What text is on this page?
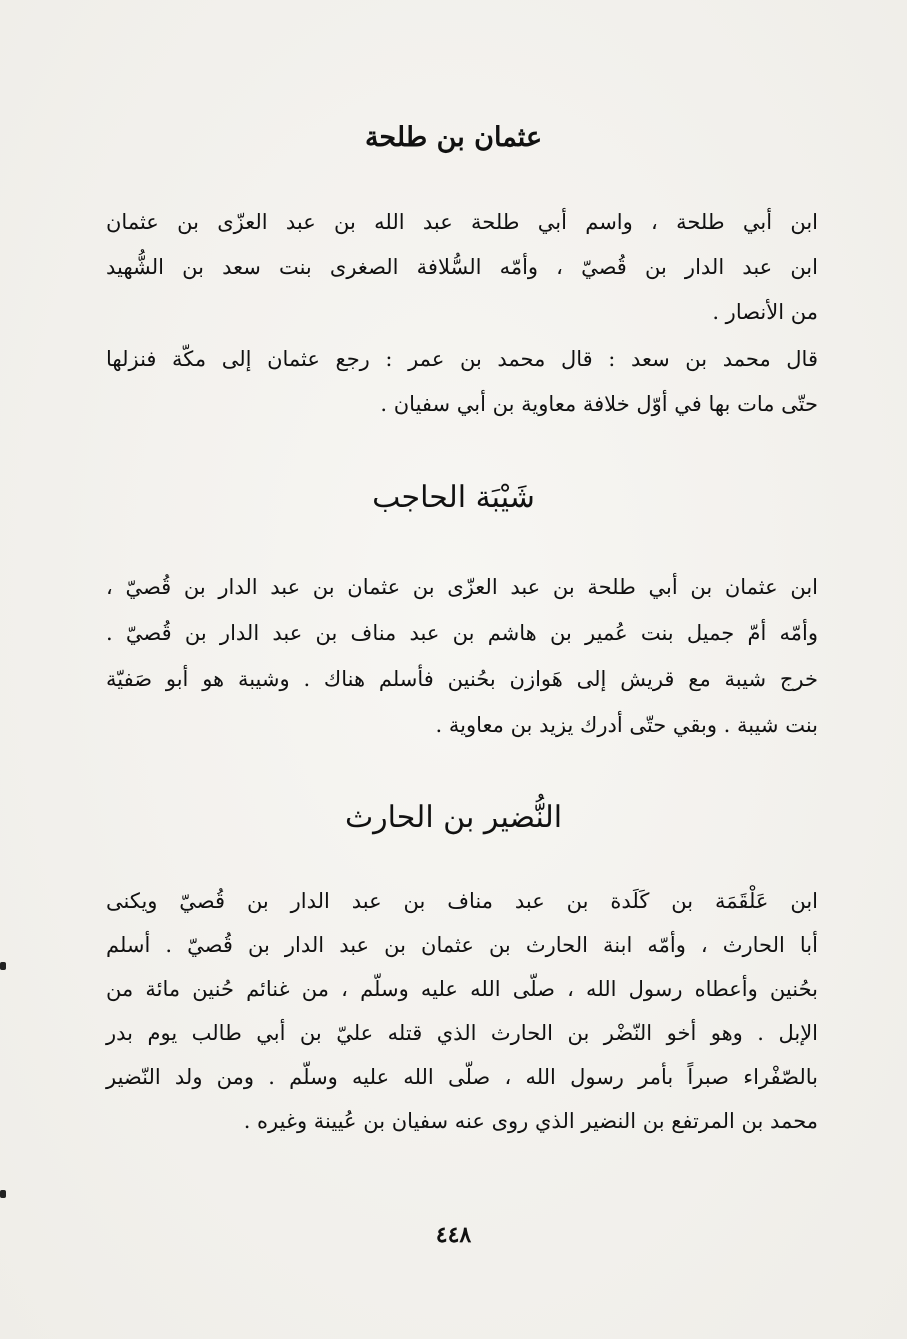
عثمان بن طلحة

ابن أبي طلحة ، واسم أبي طلحة عبد الله بن عبد العزّى بن عثمان
ابن عبد الدار بن قُصيّ ، وأمّه السُّلافة الصغرى بنت سعد بن الشُّهيد
من الأنصار .

قال محمد بن سعد : قال محمد بن عمر : رجع عثمان إلى مكّة فنزلها
حتّى مات بها في أوّل خلافة معاوية بن أبي سفيان .

شَيْبَة الحاجب

ابن عثمان بن أبي طلحة بن عبد العزّى بن عثمان بن عبد الدار بن قُصيّ ،
وأمّه أمّ جميل بنت عُمير بن هاشم بن عبد مناف بن عبد الدار بن قُصيّ .
خرج شيبة مع قريش إلى هَوازن بحُنين فأسلم هناك . وشيبة هو أبو صَفيّة
بنت شيبة . وبقي حتّى أدرك يزيد بن معاوية .

النُّضير بن الحارث

ابن عَلْقَمَة بن كَلَدة بن عبد مناف بن عبد الدار بن قُصيّ ويكنى
أبا الحارث ، وأمّه ابنة الحارث بن عثمان بن عبد الدار بن قُصيّ . أسلم
بحُنين وأعطاه رسول الله ، صلّى الله عليه وسلّم ، من غنائم حُنين مائة من
الإبل . وهو أخو النّضْر بن الحارث الذي قتله عليّ بن أبي طالب يوم بدر
بالصّفْراء صبراً بأمر رسول الله ، صلّى الله عليه وسلّم . ومن ولد النّضير
محمد بن المرتفع بن النضير الذي روى عنه سفيان بن عُيينة وغيره .

٤٤٨
